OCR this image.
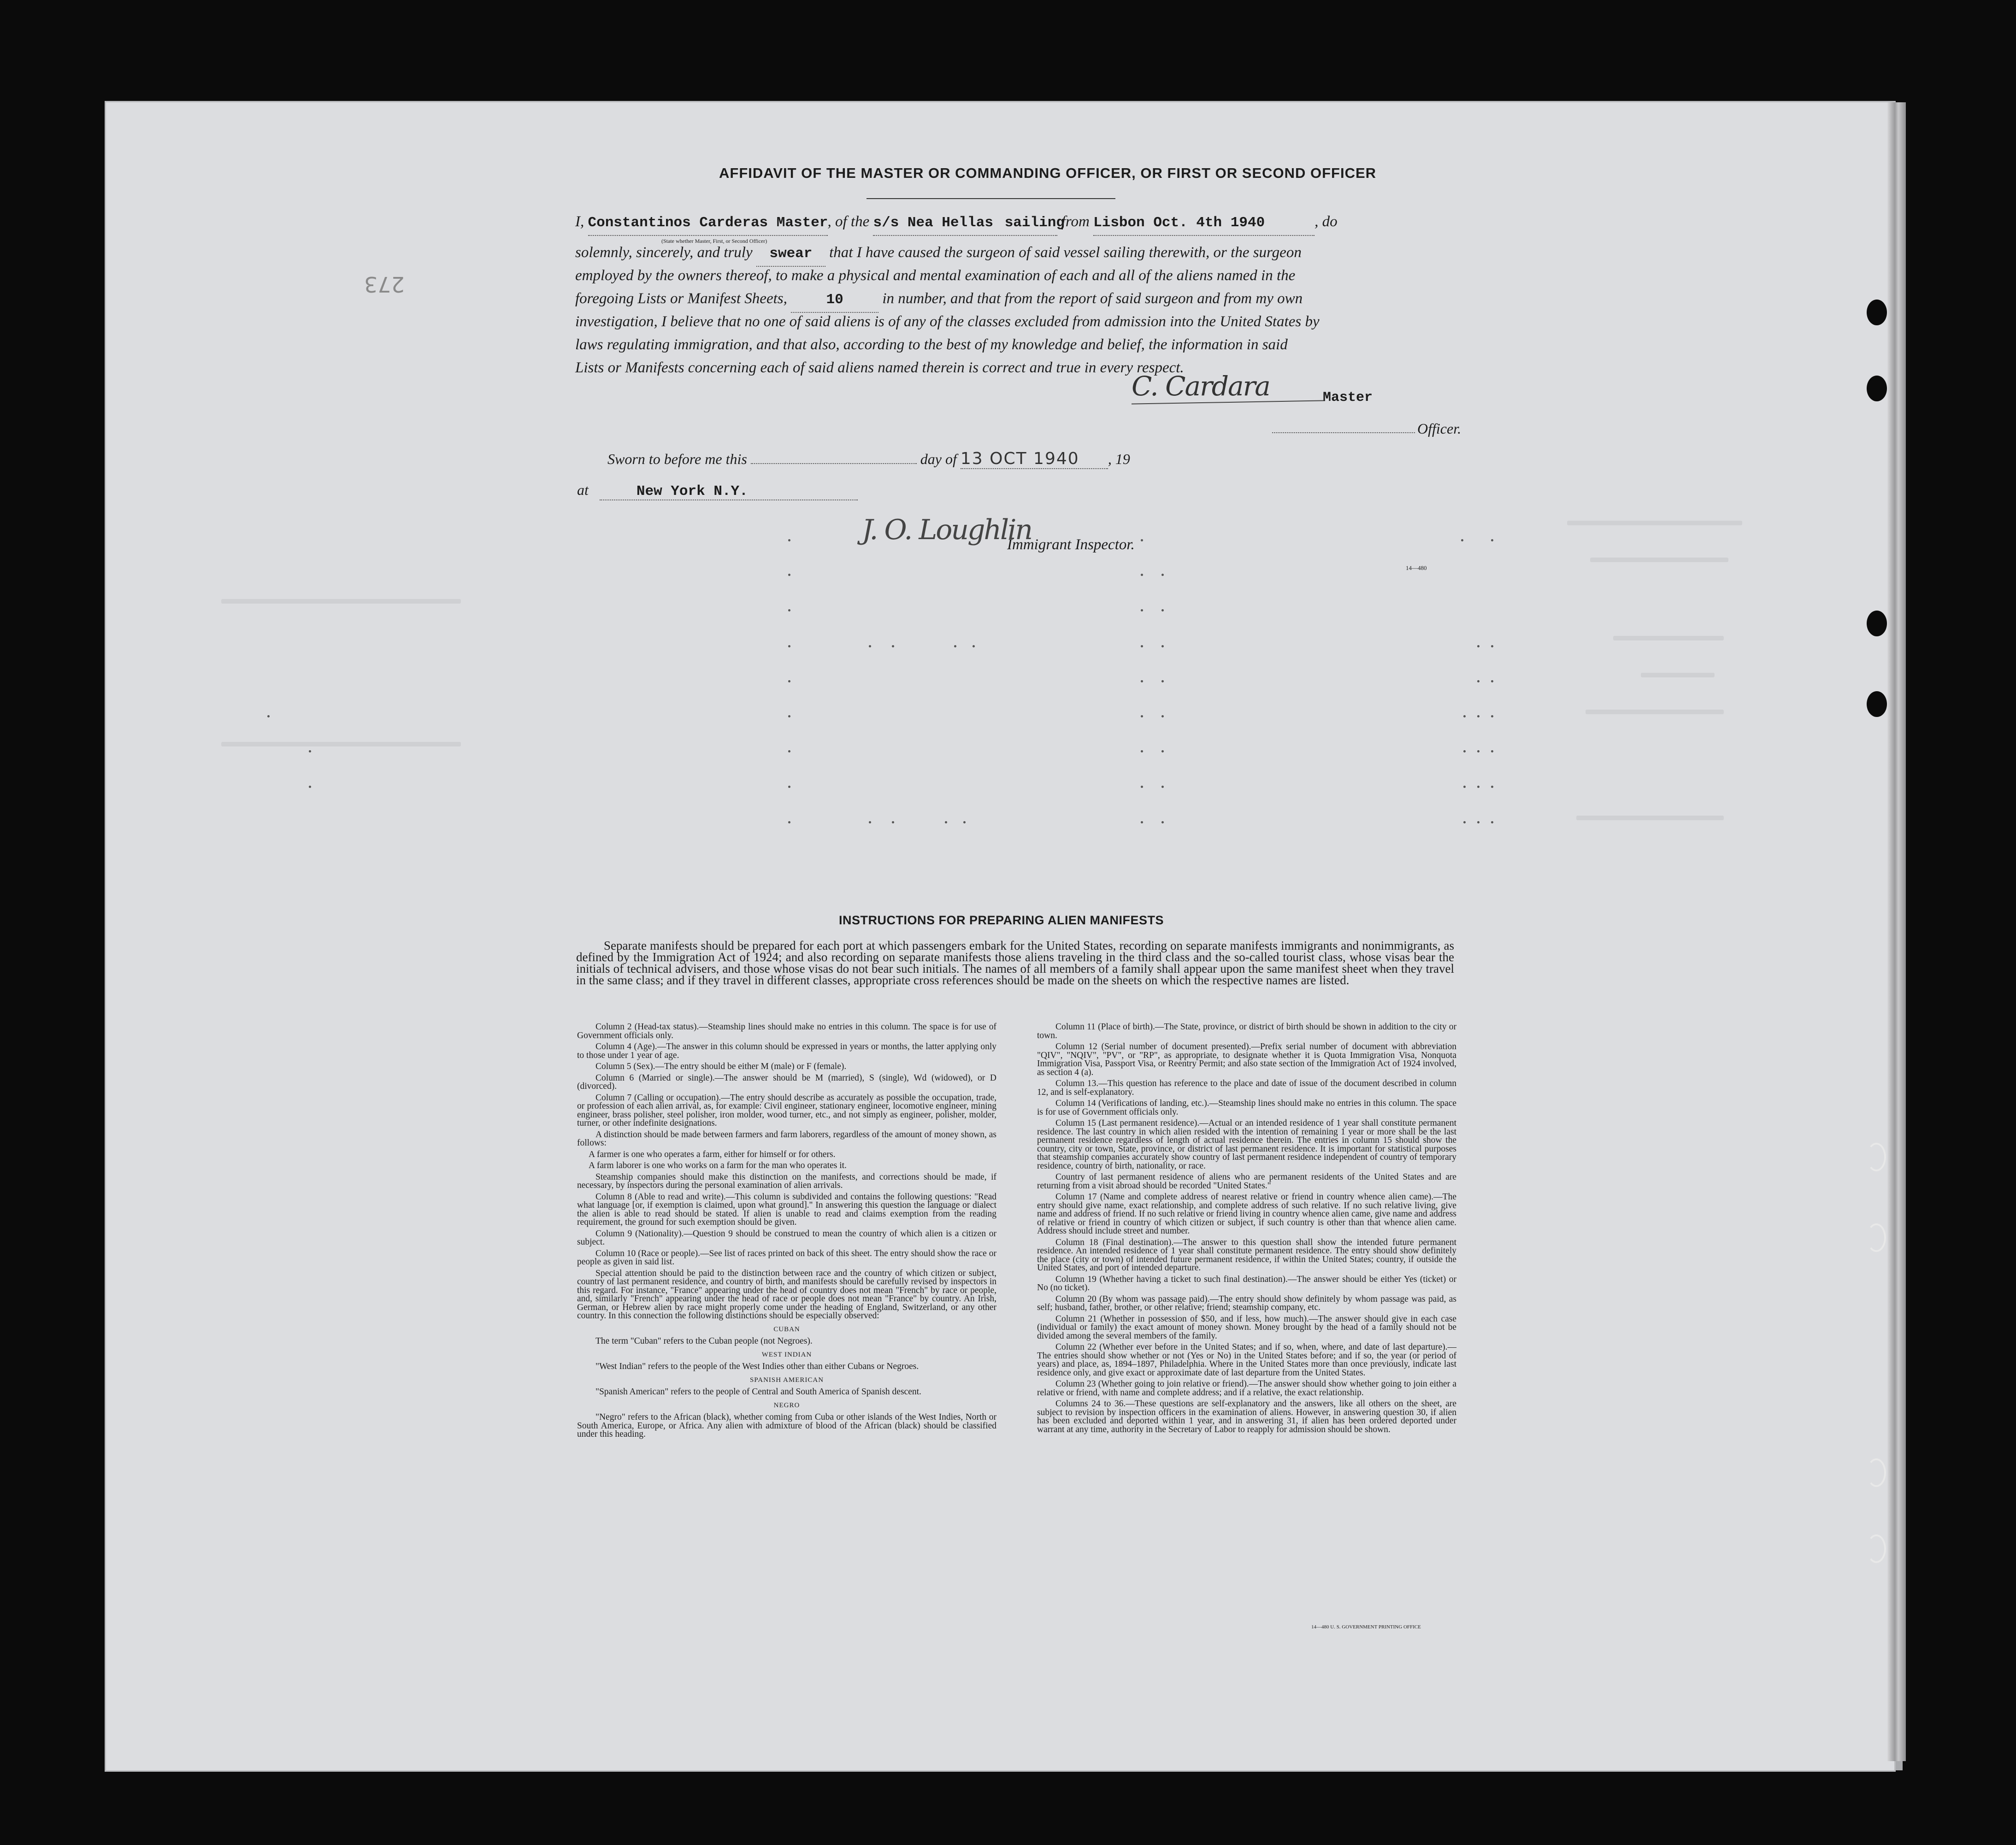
273
AFFIDAVIT OF THE MASTER OR COMMANDING OFFICER, OR FIRST OR SECOND OFFICER
I, Constantinos Carderas Master, of the s/s Nea Hellas sailing from Lisbon Oct. 4th 1940	, do
(State whether Master, First, or Second Officer)
solemnly, sincerely, and truly swear that I have caused the surgeon of said vessel sailing therewith, or the surgeon
employed by the owners thereof, to make a physical and mental examination of each and all of the aliens named in the
foregoing Lists or Manifest Sheets,	10	in number, and that from the report of said surgeon and from my own
investigation, I believe that no one of said aliens is of any of the classes excluded from admission into the United States by
laws regulating immigration, and that also, according to the best of my knowledge and belief, the information in said
Lists or Manifests concerning each of said aliens named therein is correct and true in every respect.
C. Cardara	Master
Officer.
Sworn to before me this	day of 13 OCT 1940 , 19
at	New York N.Y.
J. O. Loughlin
Immigrant Inspector.
14—480
INSTRUCTIONS FOR PREPARING ALIEN MANIFESTS
Separate manifests should be prepared for each port at which passengers embark for the United States, recording on separate manifests immigrants and nonimmigrants, as defined by the Immigration Act of 1924; and also recording on separate manifests those aliens traveling in the third class and the so-called tourist class, whose visas bear the initials of technical advisers, and those whose visas do not bear such initials. The names of all members of a family shall appear upon the same manifest sheet when they travel in the same class; and if they travel in different classes, appropriate cross references should be made on the sheets on which the respective names are listed.

Column 2 (Head-tax status).—Steamship lines should make no entries in this column. The space is for use of Government officials only.

Column 4 (Age).—The answer in this column should be expressed in years or months, the latter applying only to those under 1 year of age.

Column 5 (Sex).—The entry should be either M (male) or F (female).

Column 6 (Married or single).—The answer should be M (married), S (single), Wd (widowed), or D (divorced).

Column 7 (Calling or occupation).—The entry should describe as accurately as possible the occupation, trade, or profession of each alien arrival, as, for example: Civil engineer, stationary engineer, locomotive engineer, mining engineer, brass polisher, steel polisher, iron molder, wood turner, etc., and not simply as engineer, polisher, molder, turner, or other indefinite designations.

A distinction should be made between farmers and farm laborers, regardless of the amount of money shown, as follows:

A farmer is one who operates a farm, either for himself or for others.

A farm laborer is one who works on a farm for the man who operates it.

Steamship companies should make this distinction on the manifests, and corrections should be made, if necessary, by inspectors during the personal examination of alien arrivals.

Column 8 (Able to read and write).—This column is subdivided and contains the following questions: "Read what language [or, if exemption is claimed, upon what ground]." In answering this question the language or dialect the alien is able to read should be stated. If alien is unable to read and claims exemption from the reading requirement, the ground for such exemption should be given.

Column 9 (Nationality).—Question 9 should be construed to mean the country of which alien is a citizen or subject.

Column 10 (Race or people).—See list of races printed on back of this sheet. The entry should show the race or people as given in said list.

Special attention should be paid to the distinction between race and the country of which citizen or subject, country of last permanent residence, and country of birth, and manifests should be carefully revised by inspectors in this regard. For instance, "France" appearing under the head of country does not mean "French" by race or people, and, similarly "French" appearing under the head of race or people does not mean "France" by country. An Irish, German, or Hebrew alien by race might properly come under the heading of England, Switzerland, or any other country. In this connection the following distinctions should be especially observed:

CUBAN

The term "Cuban" refers to the Cuban people (not Negroes).

WEST INDIAN

"West Indian" refers to the people of the West Indies other than either Cubans or Negroes.

SPANISH AMERICAN

"Spanish American" refers to the people of Central and South America of Spanish descent.

NEGRO

"Negro" refers to the African (black), whether coming from Cuba or other islands of the West Indies, North or South America, Europe, or Africa. Any alien with admixture of blood of the African (black) should be classified under this heading.

Column 11 (Place of birth).—The State, province, or district of birth should be shown in addition to the city or town.

Column 12 (Serial number of document presented).—Prefix serial number of document with abbreviation "QIV", "NQIV", "PV", or "RP", as appropriate, to designate whether it is Quota Immigration Visa, Nonquota Immigration Visa, Passport Visa, or Reentry Permit; and also state section of the Immigration Act of 1924 involved, as section 4 (a).

Column 13.—This question has reference to the place and date of issue of the document described in column 12, and is self-explanatory.

Column 14 (Verifications of landing, etc.).—Steamship lines should make no entries in this column. The space is for use of Government officials only.

Column 15 (Last permanent residence).—Actual or an intended residence of 1 year shall constitute permanent residence. The last country in which alien resided with the intention of remaining 1 year or more shall be the last permanent residence regardless of length of actual residence therein. The entries in column 15 should show the country, city or town, State, province, or district of last permanent residence. It is important for statistical purposes that steamship companies accurately show country of last permanent residence independent of country of temporary residence, country of birth, nationality, or race.

Country of last permanent residence of aliens who are permanent residents of the United States and are returning from a visit abroad should be recorded "United States."

Column 17 (Name and complete address of nearest relative or friend in country whence alien came).—The entry should give name, exact relationship, and complete address of such relative. If no such relative living, give name and address of friend. If no such relative or friend living in country whence alien came, give name and address of relative or friend in country of which citizen or subject, if such country is other than that whence alien came. Address should include street and number.

Column 18 (Final destination).—The answer to this question shall show the intended future permanent residence. An intended residence of 1 year shall constitute permanent residence. The entry should show definitely the place (city or town) of intended future permanent residence, if within the United States; country, if outside the United States, and port of intended departure.

Column 19 (Whether having a ticket to such final destination).—The answer should be either Yes (ticket) or No (no ticket).

Column 20 (By whom was passage paid).—The entry should show definitely by whom passage was paid, as self; husband, father, brother, or other relative; friend; steamship company, etc.

Column 21 (Whether in possession of $50, and if less, how much).—The answer should give in each case (individual or family) the exact amount of money shown. Money brought by the head of a family should not be divided among the several members of the family.

Column 22 (Whether ever before in the United States; and if so, when, where, and date of last departure).—The entries should show whether or not (Yes or No) in the United States before; and if so, the year (or period of years) and place, as, 1894–1897, Philadelphia. Where in the United States more than once previously, indicate last residence only, and give exact or approximate date of last departure from the United States.

Column 23 (Whether going to join relative or friend).—The answer should show whether going to join either a relative or friend, with name and complete address; and if a relative, the exact relationship.

Columns 24 to 36.—These questions are self-explanatory and the answers, like all others on the sheet, are subject to revision by inspection officers in the examination of aliens. However, in answering question 30, if alien has been excluded and deported within 1 year, and in answering 31, if alien has been ordered deported under warrant at any time, authority in the Secretary of Labor to reapply for admission should be shown.

14—480 U. S. GOVERNMENT PRINTING OFFICE
